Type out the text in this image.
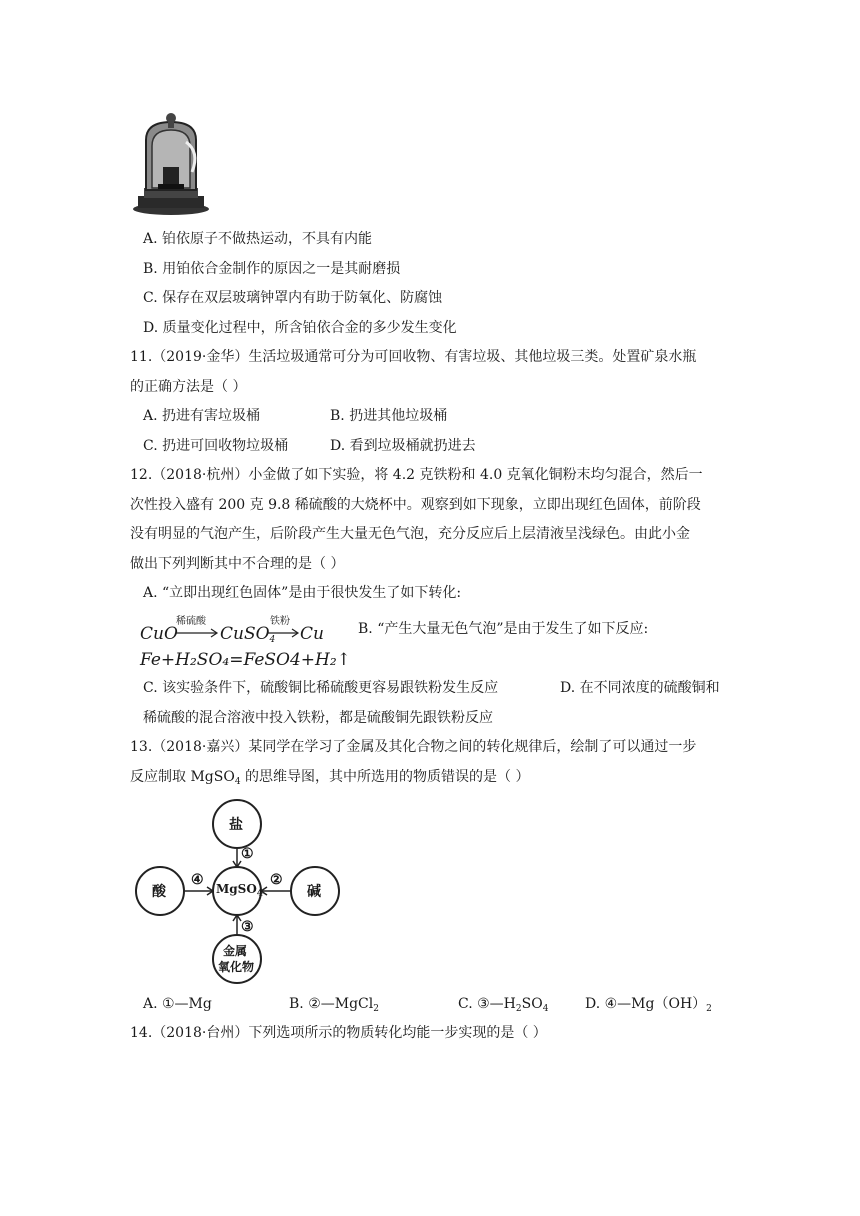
A. 铂依原子不做热运动，不具有内能
B. 用铂依合金制作的原因之一是其耐磨损
C. 保存在双层玻璃钟罩内有助于防氧化、防腐蚀
D. 质量变化过程中，所含铂依合金的多少发生变化
11.（2019·金华）生活垃圾通常可分为可回收物、有害垃圾、其他垃圾三类。处置矿泉水瓶
的正确方法是（ ）
A. 扔进有害垃圾桶	B. 扔进其他垃圾桶
C. 扔进可回收物垃圾桶	D. 看到垃圾桶就扔进去
12.（2018·杭州）小金做了如下实验，将 4.2 克铁粉和 4.0 克氧化铜粉末均匀混合，然后一
次性投入盛有 200 克 9.8 稀硫酸的大烧杯中。观察到如下现象，立即出现红色固体，前阶段
没有明显的气泡产生，后阶段产生大量无色气泡，充分反应后上层清液呈浅绿色。由此小金
做出下列判断其中不合理的是（ ）
A. “立即出现红色固体”是由于很快发生了如下转化:
CuO
稀硫酸
CuSO4
铁粉
Cu B. “产生大量无色气泡”是由于发生了如下反应:
Fe+H₂SO₄=FeSO4+H₂↑
C. 该实验条件下，硫酸铜比稀硫酸更容易跟铁粉发生反应	D. 在不同浓度的硫酸铜和
稀硫酸的混合溶液中投入铁粉，都是硫酸铜先跟铁粉反应
13.（2018·嘉兴）某同学在学习了金属及其化合物之间的转化规律后，绘制了可以通过一步
反应制取 MgSO$_4$ 的思维导图，其中所选用的物质错误的是（ ）
盐
酸	碱
MgSO$_4$
金属
氧化物
①
②
③
④
A. ①—Mg	B. ②—MgCl$_2$	C. $③—H_2SO_4$	D. $④—Mg(OH)_2$
14.（2018·台州）下列选项所示的物质转化均能一步实现的是（ ）
